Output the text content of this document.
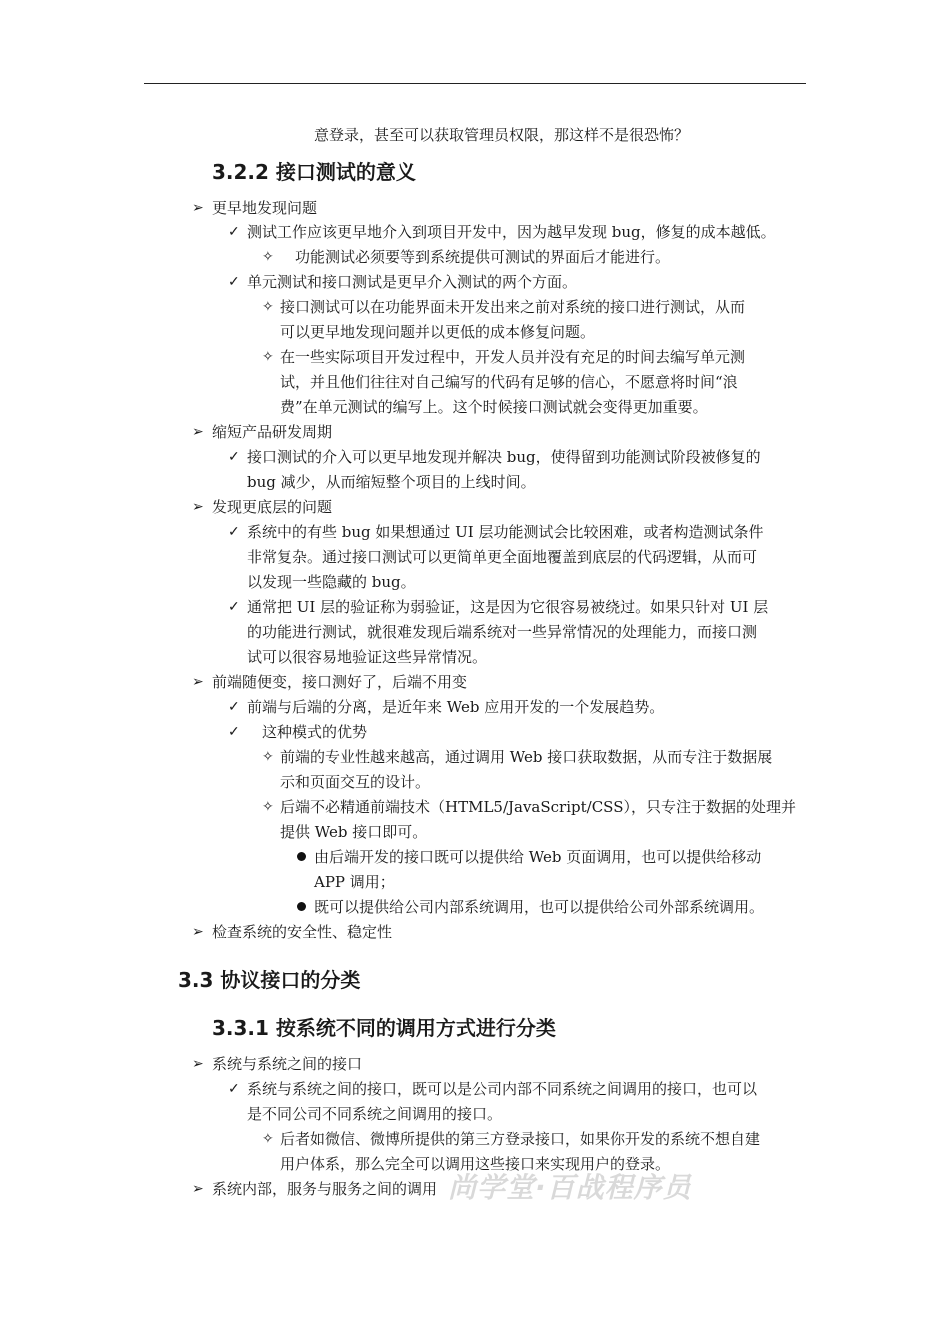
意登录，甚至可以获取管理员权限，那这样不是很恐怖？
3.2.2 接口测试的意义
➢ 更早地发现问题
✓ 测试工作应该更早地介入到项目开发中，因为越早发现 bug，修复的成本越低。
✧ 功能测试必须要等到系统提供可测试的界面后才能进行。
✓ 单元测试和接口测试是更早介入测试的两个方面。
✧ 接口测试可以在功能界面未开发出来之前对系统的接口进行测试，从而
可以更早地发现问题并以更低的成本修复问题。
✧ 在一些实际项目开发过程中，开发人员并没有充足的时间去编写单元测
试，并且他们往往对自己编写的代码有足够的信心，不愿意将时间“浪
费”在单元测试的编写上。这个时候接口测试就会变得更加重要。
➢ 缩短产品研发周期
✓ 接口测试的介入可以更早地发现并解决 bug，使得留到功能测试阶段被修复的
bug 减少，从而缩短整个项目的上线时间。
➢ 发现更底层的问题
✓ 系统中的有些 bug 如果想通过 UI 层功能测试会比较困难，或者构造测试条件
非常复杂。通过接口测试可以更简单更全面地覆盖到底层的代码逻辑，从而可
以发现一些隐藏的 bug。
✓ 通常把 UI 层的验证称为弱验证，这是因为它很容易被绕过。如果只针对 UI 层
的功能进行测试，就很难发现后端系统对一些异常情况的处理能力，而接口测
试可以很容易地验证这些异常情况。
➢ 前端随便变，接口测好了，后端不用变
✓ 前端与后端的分离，是近年来 Web 应用开发的一个发展趋势。
✓ 这种模式的优势
✧ 前端的专业性越来越高，通过调用 Web 接口获取数据，从而专注于数据展
示和页面交互的设计。
✧ 后端不必精通前端技术（HTML5/JavaScript/CSS），只专注于数据的处理并
提供 Web 接口即可。
由后端开发的接口既可以提供给 Web 页面调用，也可以提供给移动
APP 调用；
既可以提供给公司内部系统调用，也可以提供给公司外部系统调用。
➢ 检查系统的安全性、稳定性
3.3 协议接口的分类
3.3.1 按系统不同的调用方式进行分类
➢ 系统与系统之间的接口
✓ 系统与系统之间的接口，既可以是公司内部不同系统之间调用的接口，也可以
是不同公司不同系统之间调用的接口。
✧ 后者如微信、微博所提供的第三方登录接口，如果你开发的系统不想自建
用户体系，那么完全可以调用这些接口来实现用户的登录。
➢ 系统内部，服务与服务之间的调用 尚学堂·百战程序员
